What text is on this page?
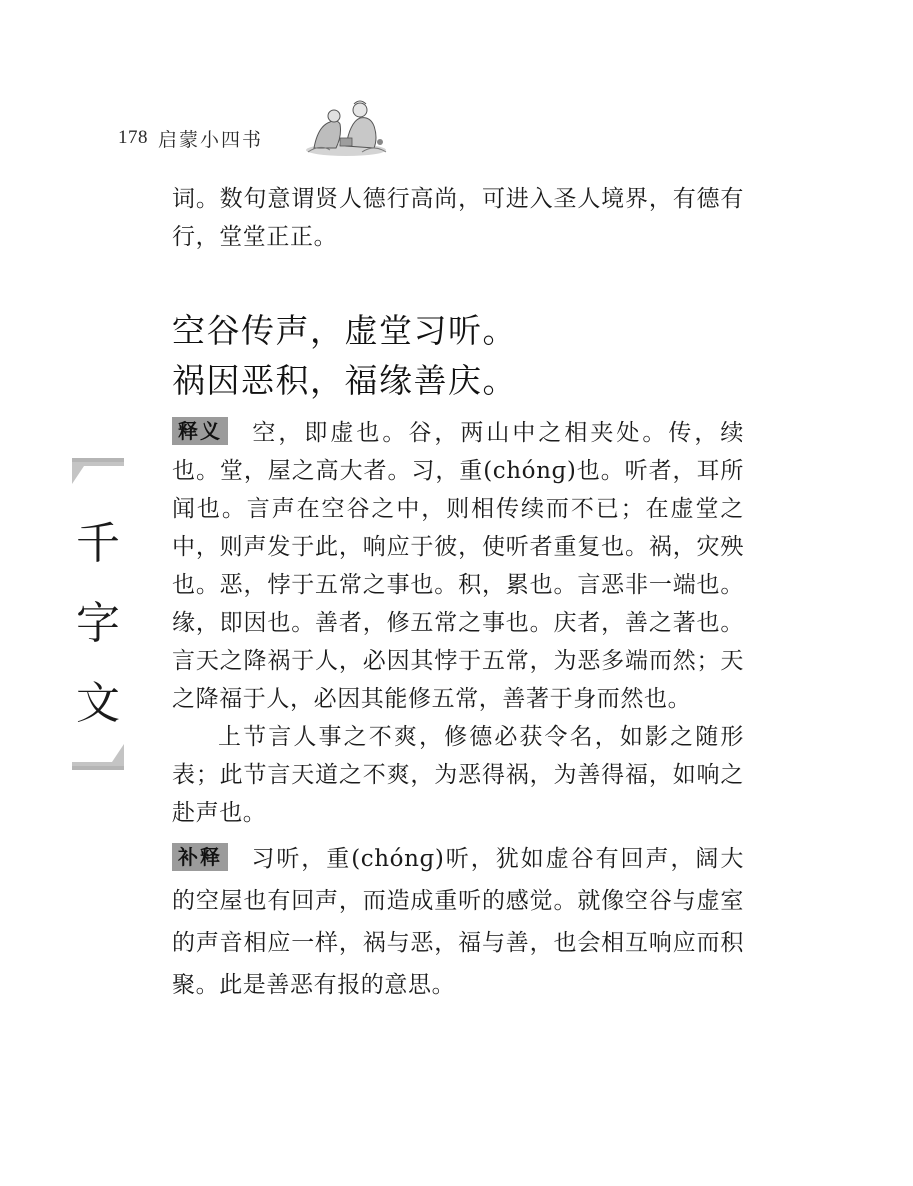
178 启蒙小四书
词。数句意谓贤人德行高尚，可进入圣人境界，有德有行，堂堂正正。
空谷传声，虚堂习听。
祸因恶积，福缘善庆。

释义 空，即虚也。谷，两山中之相夹处。传，续也。堂，屋之高大者。习，重(chónɡ)也。听者，耳所闻也。言声在空谷之中，则相传续而不已；在虚堂之中，则声发于此，响应于彼，使听者重复也。祸，灾殃也。恶，悖于五常之事也。积，累也。言恶非一端也。缘，即因也。善者，修五常之事也。庆者，善之著也。言天之降祸于人，必因其悖于五常，为恶多端而然；天之降福于人，必因其能修五常，善著于身而然也。

上节言人事之不爽，修德必获令名，如影之随形表；此节言天道之不爽，为恶得祸，为善得福，如响之赴声也。

补释 习听，重(chónɡ)听，犹如虚谷有回声，阔大的空屋也有回声，而造成重听的感觉。就像空谷与虚室的声音相应一样，祸与恶，福与善，也会相互响应而积聚。此是善恶有报的意思。

千
字
文
